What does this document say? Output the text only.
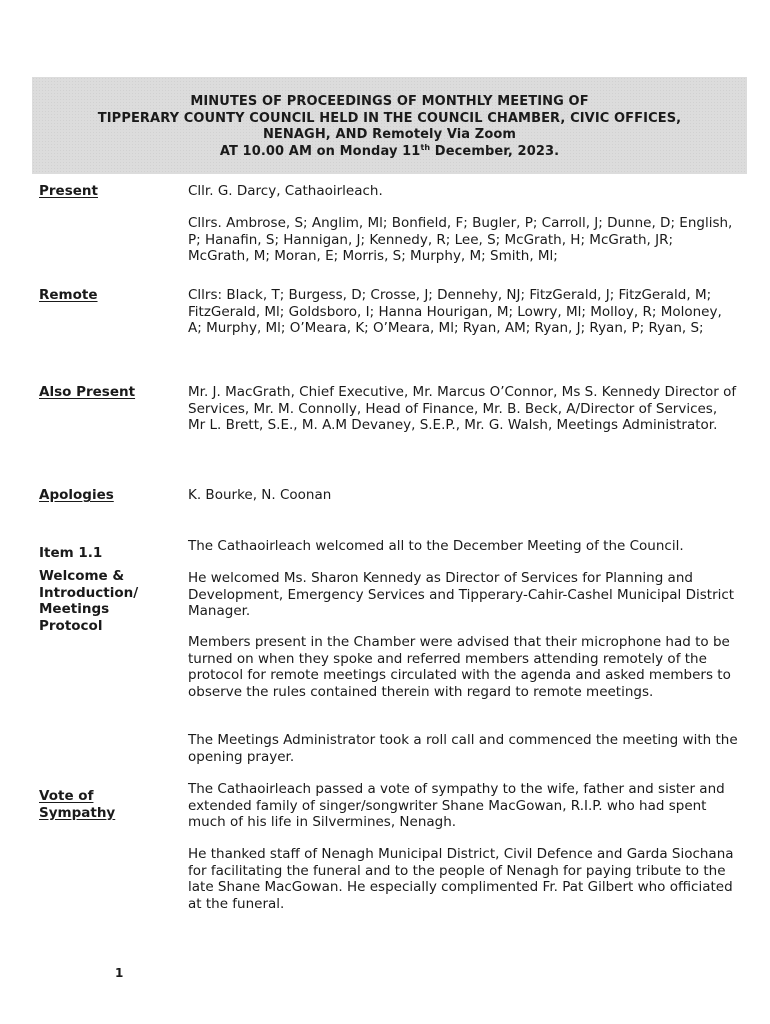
MINUTES OF PROCEEDINGS OF MONTHLY MEETING OF
TIPPERARY COUNTY COUNCIL HELD IN THE COUNCIL CHAMBER, CIVIC OFFICES,
NENAGH, AND Remotely Via Zoom
AT 10.00 AM on Monday 11th December, 2023.
Present	Cllr. G. Darcy, Cathaoirleach.

Cllrs. Ambrose, S; Anglim, Ml; Bonfield, F; Bugler, P; Carroll, J; Dunne, D; English, P; Hanafin, S; Hannigan, J; Kennedy, R; Lee, S; McGrath, H; McGrath, JR; McGrath, M; Moran, E; Morris, S; Murphy, M; Smith, Ml;

Remote	Cllrs: Black, T; Burgess, D; Crosse, J; Dennehy, NJ; FitzGerald, J; FitzGerald, M; FitzGerald, Ml; Goldsboro, I; Hanna Hourigan, M; Lowry, Ml; Molloy, R; Moloney, A; Murphy, Ml; O’Meara, K; O’Meara, Ml; Ryan, AM; Ryan, J; Ryan, P; Ryan, S;

Also Present	Mr. J. MacGrath, Chief Executive, Mr. Marcus O’Connor, Ms S. Kennedy Director of Services, Mr. M. Connolly, Head of Finance, Mr. B. Beck, A/Director of Services, Mr L. Brett, S.E., M. A.M Devaney, S.E.P., Mr. G. Walsh, Meetings Administrator.

Apologies	K. Bourke, N. Coonan

Item 1.1
Welcome &
Introduction/
Meetings
Protocol

The Cathaoirleach welcomed all to the December Meeting of the Council.

He welcomed Ms. Sharon Kennedy as Director of Services for Planning and Development, Emergency Services and Tipperary-Cahir-Cashel Municipal District Manager.

Members present in the Chamber were advised that their microphone had to be turned on when they spoke and referred members attending remotely of the protocol for remote meetings circulated with the agenda and asked members to observe the rules contained therein with regard to remote meetings.

The Meetings Administrator took a roll call and commenced the meeting with the opening prayer.

Vote of
Sympathy

The Cathaoirleach passed a vote of sympathy to the wife, father and sister and extended family of singer/songwriter Shane MacGowan, R.I.P. who had spent much of his life in Silvermines, Nenagh.

He thanked staff of Nenagh Municipal District, Civil Defence and Garda Siochana for facilitating the funeral and to the people of Nenagh for paying tribute to the late Shane MacGowan. He especially complimented Fr. Pat Gilbert who officiated at the funeral.

1
